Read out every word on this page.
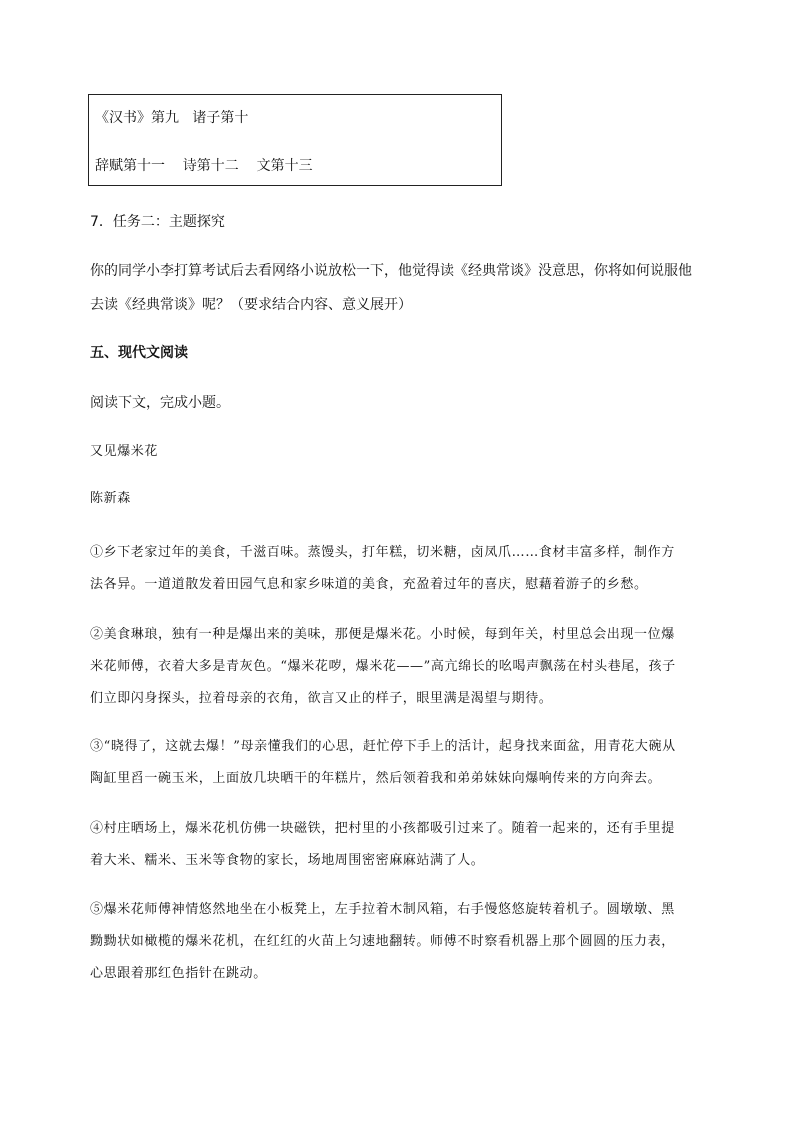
《汉书》第九   诸子第十
辞赋第十一    诗第十二    文第十三
7．任务二：主题探究
你的同学小李打算考试后去看网络小说放松一下，他觉得读《经典常谈》没意思，你将如何说服他
去读《经典常谈》呢？（要求结合内容、意义展开）
五、现代文阅读
阅读下文，完成小题。
又见爆米花
陈新森
①乡下老家过年的美食，千滋百味。蒸馒头，打年糕，切米糖，卤凤爪……食材丰富多样，制作方
法各异。一道道散发着田园气息和家乡味道的美食，充盈着过年的喜庆，慰藉着游子的乡愁。
②美食琳琅，独有一种是爆出来的美味，那便是爆米花。小时候，每到年关，村里总会出现一位爆
米花师傅，衣着大多是青灰色。“爆米花哕，爆米花——”高亢绵长的吆喝声飘荡在村头巷尾，孩子
们立即闪身探头，拉着母亲的衣角，欲言又止的样子，眼里满是渴望与期待。
③“晓得了，这就去爆！”母亲懂我们的心思，赶忙停下手上的活计，起身找来面盆，用青花大碗从
陶缸里舀一碗玉米，上面放几块晒干的年糕片，然后领着我和弟弟妹妹向爆响传来的方向奔去。
④村庄晒场上，爆米花机仿佛一块磁铁，把村里的小孩都吸引过来了。随着一起来的，还有手里提
着大米、糯米、玉米等食物的家长，场地周围密密麻麻站满了人。
⑤爆米花师傅神情悠然地坐在小板凳上，左手拉着木制风箱，右手慢悠悠旋转着机子。圆墩墩、黑
黝黝状如橄榄的爆米花机，在红红的火苗上匀速地翻转。师傅不时察看机器上那个圆圆的压力表，
心思跟着那红色指针在跳动。
